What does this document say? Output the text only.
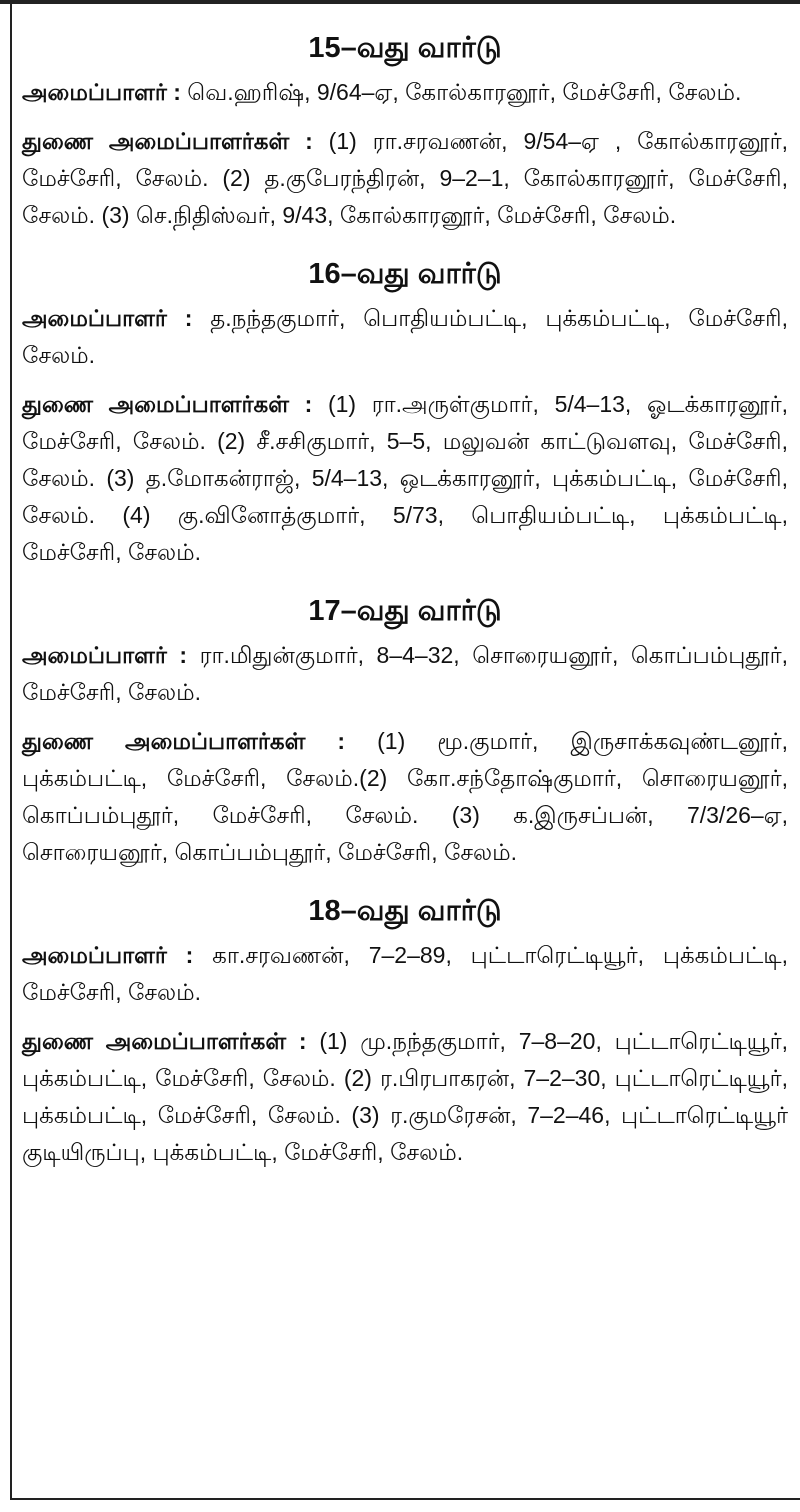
15–வது வார்டு

அமைப்பாளர் : வெ.ஹரிஷ், 9/64–ஏ, கோல்காரனூர், மேச்சேரி, சேலம்.

துணை அமைப்பாளர்கள் : (1) ரா.சரவணன், 9/54–ஏ , கோல்காரனூர், மேச்சேரி, சேலம். (2) த.குபேரந்திரன், 9–2–1, கோல்காரனூர், மேச்சேரி, சேலம். (3) செ.நிதிஸ்வர், 9/43, கோல்காரனூர், மேச்சேரி, சேலம்.

16–வது வார்டு

அமைப்பாளர் : த.நந்தகுமார், பொதியம்பட்டி, புக்கம்பட்டி, மேச்சேரி, சேலம்.

துணை அமைப்பாளர்கள் : (1) ரா.அருள்குமார், 5/4–13, ஓடக்காரனூர், மேச்சேரி, சேலம். (2) சீ.சசிகுமார், 5–5, மலுவன் காட்டுவளவு, மேச்சேரி, சேலம். (3) த.மோகன்ராஜ், 5/4–13, ஒடக்காரனூர், புக்கம்பட்டி, மேச்சேரி, சேலம். (4) கு.வினோத்குமார், 5/73, பொதியம்பட்டி, புக்கம்பட்டி, மேச்சேரி, சேலம்.

17–வது வார்டு

அமைப்பாளர் : ரா.மிதுன்குமார், 8–4–32, சொரையனூர், கொப்பம்புதூர், மேச்சேரி, சேலம்.

துணை அமைப்பாளர்கள் : (1) மூ.குமார், இருசாக்கவுண்டனூர், புக்கம்பட்டி, மேச்சேரி, சேலம்.(2) கோ.சந்தோஷ்குமார், சொரையனூர், கொப்பம்புதூர், மேச்சேரி, சேலம். (3) க.இருசப்பன், 7/3/26–ஏ, சொரையனூர், கொப்பம்புதூர், மேச்சேரி, சேலம்.

18–வது வார்டு

அமைப்பாளர் : கா.சரவணன், 7–2–89, புட்டாரெட்டியூர், புக்கம்பட்டி, மேச்சேரி, சேலம்.

துணை அமைப்பாளர்கள் : (1) மு.நந்தகுமார், 7–8–20, புட்டாரெட்டியூர், புக்கம்பட்டி, மேச்சேரி, சேலம். (2) ர.பிரபாகரன், 7–2–30, புட்டாரெட்டியூர், புக்கம்பட்டி, மேச்சேரி, சேலம். (3) ர.குமரேசன், 7–2–46, புட்டாரெட்டியூர் குடியிருப்பு, புக்கம்பட்டி, மேச்சேரி, சேலம்.
